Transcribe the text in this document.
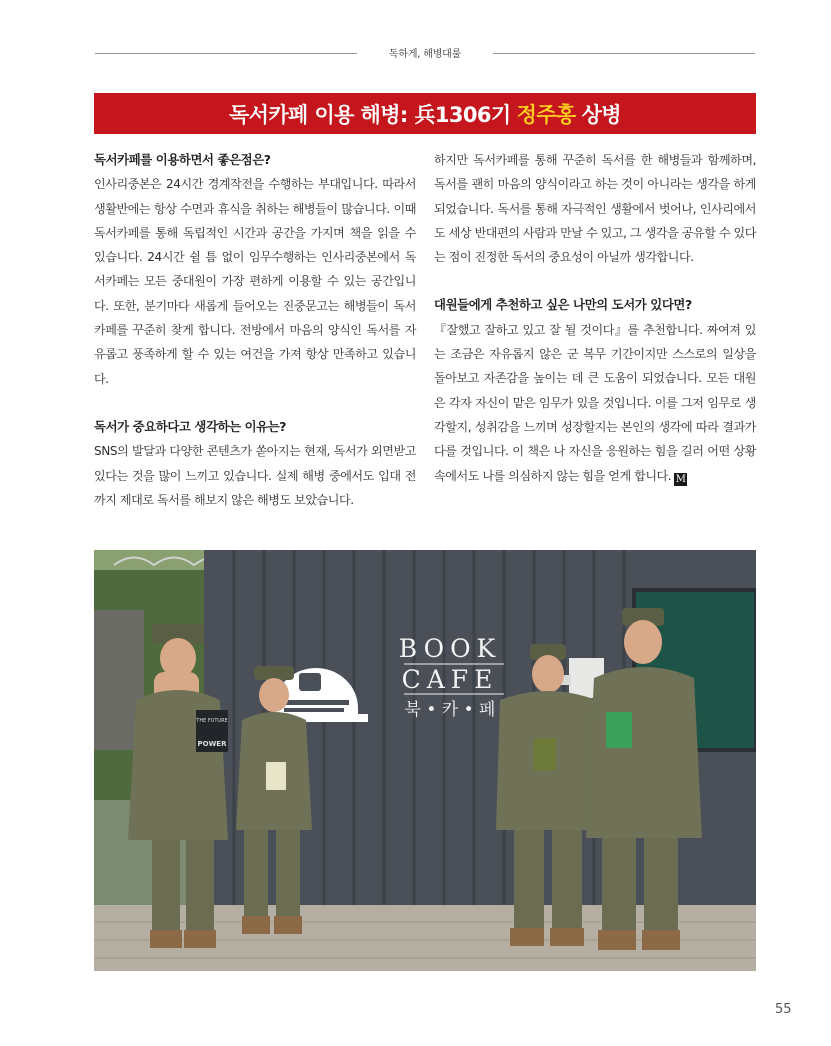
독하게, 해병대룰
독서카페 이용 해병: 兵1306기 정주홍 상병
독서카페를 이용하면서 좋은점은?

인사리중본은 24시간 경계작전을 수행하는 부대입니다. 따라서 생활반에는 항상 수면과 휴식을 취하는 해병들이 많습니다. 이때 독서카페를 통해 독립적인 시간과 공간을 가지며 책을 읽을 수 있습니다. 24시간 쉴 틈 없이 임무수행하는 인사리중본에서 독서카페는 모든 중대원이 가장 편하게 이용할 수 있는 공간입니다. 또한, 분기마다 새롭게 들어오는 진중문고는 해병들이 독서카페를 꾸준히 찾게 합니다. 전방에서 마음의 양식인 독서를 자유롭고 풍족하게 할 수 있는 여건을 가져 항상 만족하고 있습니다.

독서가 중요하다고 생각하는 이유는?

SNS의 발달과 다양한 콘텐츠가 쏟아지는 현재, 독서가 외면받고 있다는 것을 많이 느끼고 있습니다. 실제 해병 중에서도 입대 전까지 제대로 독서를 해보지 않은 해병도 보았습니다.

하지만 독서카페를 통해 꾸준히 독서를 한 해병들과 함께하며, 독서를 괜히 마음의 양식이라고 하는 것이 아니라는 생각을 하게 되었습니다. 독서를 통해 자극적인 생활에서 벗어나, 인사리에서도 세상 반대편의 사람과 만날 수 있고, 그 생각을 공유할 수 있다는 점이 진정한 독서의 중요성이 아닐까 생각합니다.

대원들에게 추천하고 싶은 나만의 도서가 있다면?

『잘했고 잘하고 있고 잘 될 것이다』를 추천합니다. 짜여져 있는 조금은 자유롭지 않은 군 복무 기간이지만 스스로의 일상을 돌아보고 자존감을 높이는 데 큰 도움이 되었습니다. 모든 대원은 각자 자신이 맡은 임무가 있을 것입니다. 이를 그저 임무로 생각할지, 성취감을 느끼며 성장할지는 본인의 생각에 따라 결과가 다를 것입니다. 이 책은 나 자신을 응원하는 힘을 길러 어떤 상황 속에서도 나를 의심하지 않는 힘을 얻게 합니다. M

BOOK
CAFE
북 • 카 • 페
THE FUTURE
POWER
55
